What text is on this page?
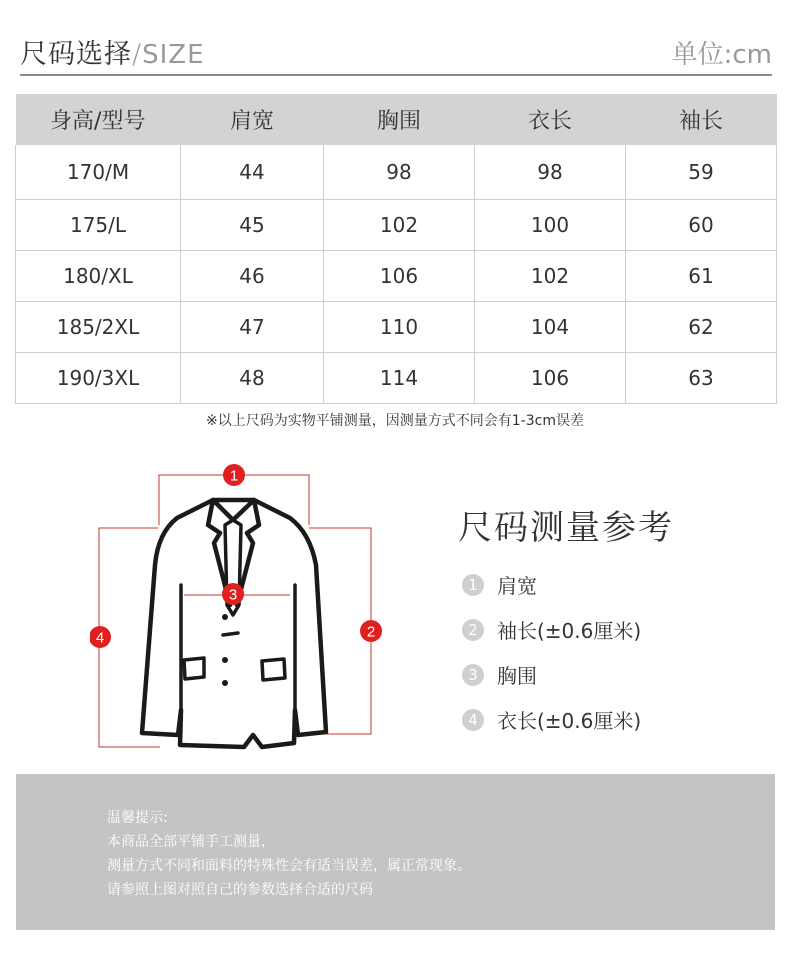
尺码选择/SIZE	单位:cm
身高/型号	肩宽	胸围	衣长	袖长
170/M	44	98	98	59
175/L	45	102	100	60
180/XL	46	106	102	61
185/2XL	47	110	104	62
190/3XL	48	114	106	63
※以上尺码为实物平铺测量，因测量方式不同会有1-3cm误差
1
2
3
4
尺码测量参考
1 肩宽
2 袖长(±0.6厘米)
3 胸围
4 衣长(±0.6厘米)
温馨提示:
本商品全部平铺手工测量，
测量方式不同和面料的特殊性会有适当误差，属正常现象。
请参照上图对照自己的参数选择合适的尺码
